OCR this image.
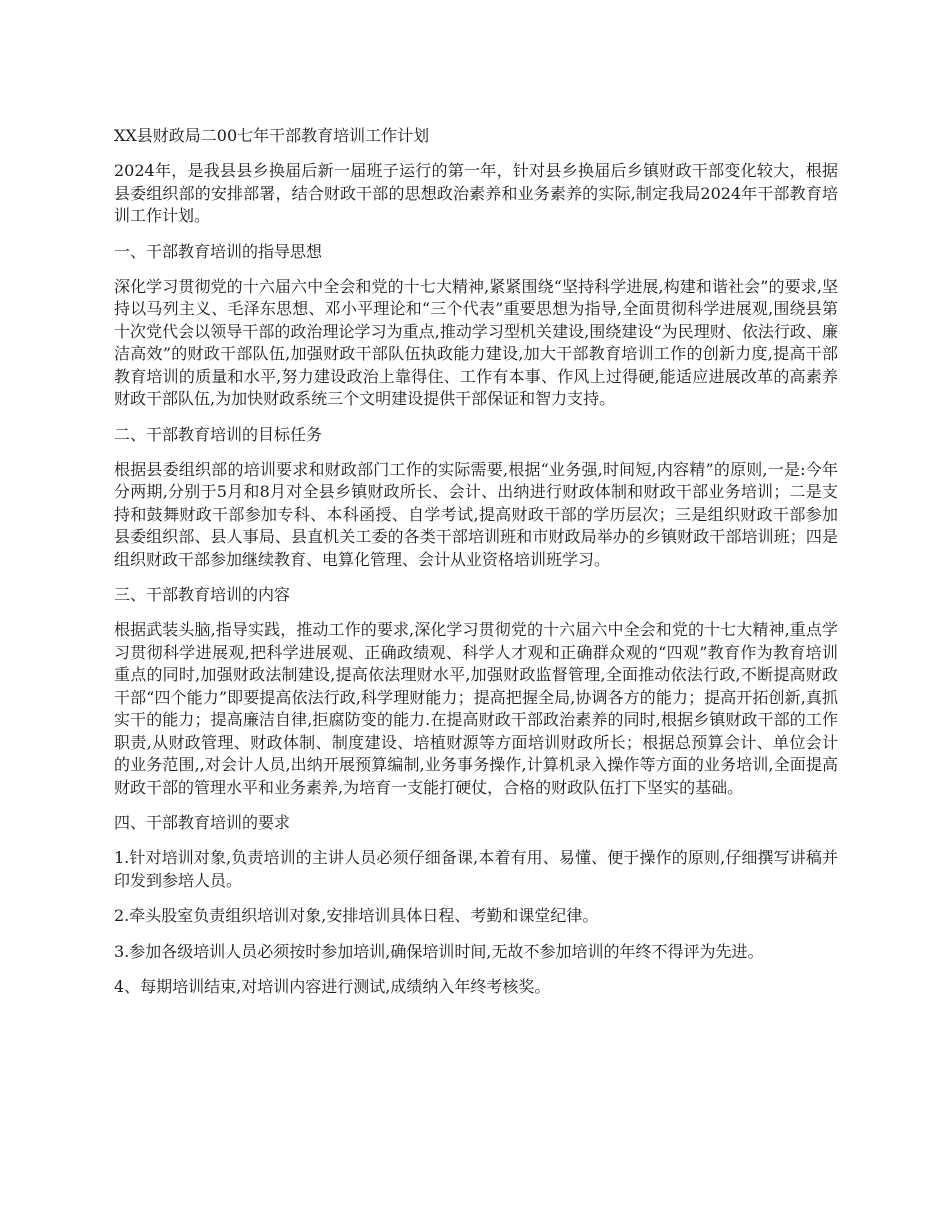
XX县财政局二00七年干部教育培训工作计划

2024年，是我县县乡换届后新一届班子运行的第一年，针对县乡换届后乡镇财政干部变化较大，根据县委组织部的安排部署，结合财政干部的思想政治素养和业务素养的实际,制定我局2024年干部教育培训工作计划。

一、干部教育培训的指导思想

深化学习贯彻党的十六届六中全会和党的十七大精神,紧紧围绕“坚持科学进展,构建和谐社会”的要求,坚持以马列主义、毛泽东思想、邓小平理论和“三个代表”重要思想为指导,全面贯彻科学进展观,围绕县第十次党代会以领导干部的政治理论学习为重点,推动学习型机关建设,围绕建设“为民理财、依法行政、廉洁高效”的财政干部队伍,加强财政干部队伍执政能力建设,加大干部教育培训工作的创新力度,提高干部教育培训的质量和水平,努力建设政治上靠得住、工作有本事、作风上过得硬,能适应进展改革的高素养财政干部队伍,为加快财政系统三个文明建设提供干部保证和智力支持。

二、干部教育培训的目标任务

根据县委组织部的培训要求和财政部门工作的实际需要,根据“业务强,时间短,内容精”的原则,一是:今年分两期,分别于5月和8月对全县乡镇财政所长、会计、出纳进行财政体制和财政干部业务培训；二是支持和鼓舞财政干部参加专科、本科函授、自学考试,提高财政干部的学历层次；三是组织财政干部参加县委组织部、县人事局、县直机关工委的各类干部培训班和市财政局举办的乡镇财政干部培训班；四是组织财政干部参加继续教育、电算化管理、会计从业资格培训班学习。

三、干部教育培训的内容

根据武装头脑,指导实践，推动工作的要求,深化学习贯彻党的十六届六中全会和党的十七大精神,重点学习贯彻科学进展观,把科学进展观、正确政绩观、科学人才观和正确群众观的“四观”教育作为教育培训重点的同时,加强财政法制建设,提高依法理财水平,加强财政监督管理,全面推动依法行政,不断提高财政干部“四个能力”即要提高依法行政,科学理财能力；提高把握全局,协调各方的能力；提高开拓创新,真抓实干的能力；提高廉洁自律,拒腐防变的能力.在提高财政干部政治素养的同时,根据乡镇财政干部的工作职责,从财政管理、财政体制、制度建设、培植财源等方面培训财政所长；根据总预算会计、单位会计的业务范围,,对会计人员,出纳开展预算编制,业务事务操作,计算机录入操作等方面的业务培训,全面提高财政干部的管理水平和业务素养,为培育一支能打硬仗，合格的财政队伍打下坚实的基础。

四、干部教育培训的要求

1.针对培训对象,负责培训的主讲人员必须仔细备课,本着有用、易懂、便于操作的原则,仔细撰写讲稿并印发到参培人员。

2.牵头股室负责组织培训对象,安排培训具体日程、考勤和课堂纪律。

3.参加各级培训人员必须按时参加培训,确保培训时间,无故不参加培训的年终不得评为先进。

4、每期培训结束,对培训内容进行测试,成绩纳入年终考核奖。
